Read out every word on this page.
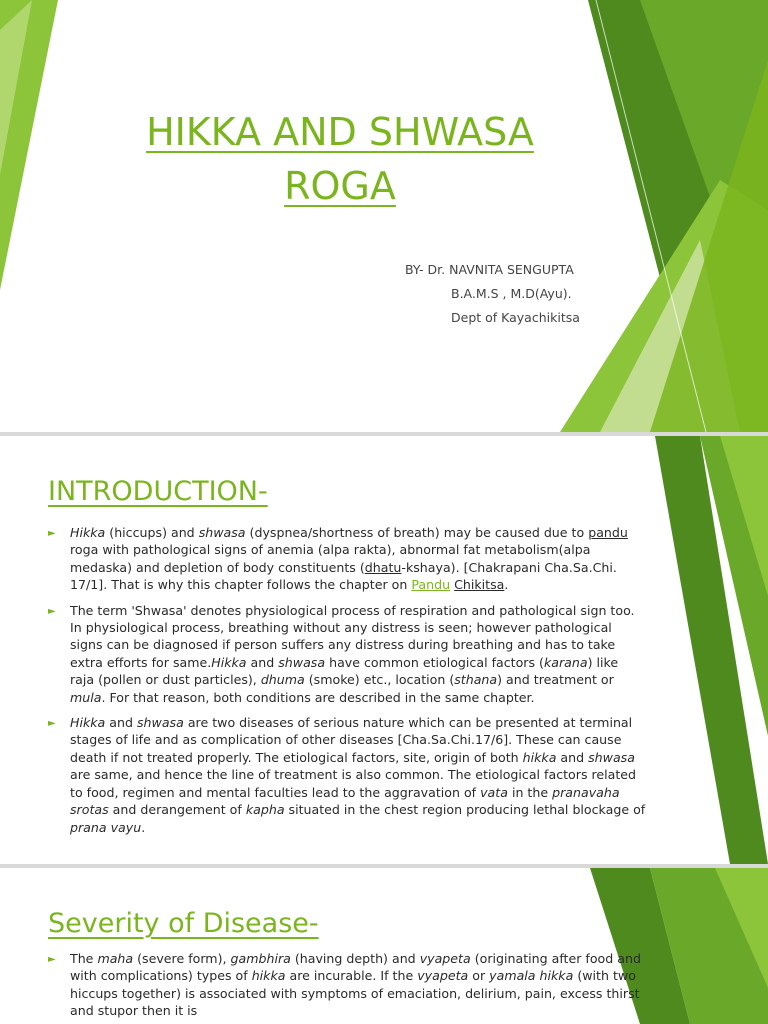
HIKKA AND SHWASA
ROGA
BY- Dr. NAVNITA SENGUPTA
B.A.M.S , M.D(Ayu).
Dept of Kayachikitsa
INTRODUCTION-
► Hikka (hiccups) and shwasa (dyspnea/shortness of breath) may be caused due to pandu roga with pathological signs of anemia (alpa rakta), abnormal fat metabolism(alpa medaska) and depletion of body constituents (dhatu-kshaya). [Chakrapani Cha.Sa.Chi. 17/1]. That is why this chapter follows the chapter on Pandu Chikitsa.
► The term 'Shwasa' denotes physiological process of respiration and pathological sign too. In physiological process, breathing without any distress is seen; however pathological signs can be diagnosed if person suffers any distress during breathing and has to take extra efforts for same.Hikka and shwasa have common etiological factors (karana) like raja (pollen or dust particles), dhuma (smoke) etc., location (sthana) and treatment or mula. For that reason, both conditions are described in the same chapter.
► Hikka and shwasa are two diseases of serious nature which can be presented at terminal stages of life and as complication of other diseases [Cha.Sa.Chi.17/6]. These can cause death if not treated properly. The etiological factors, site, origin of both hikka and shwasa are same, and hence the line of treatment is also common. The etiological factors related to food, regimen and mental faculties lead to the aggravation of vata in the pranavaha srotas and derangement of kapha situated in the chest region producing lethal blockage of prana vayu.
Severity of Disease-
► The maha (severe form), gambhira (having depth) and vyapeta (originating after food and with complications) types of hikka are incurable. If the vyapeta or yamala hikka (with two hiccups together) is associated with symptoms of emaciation, delirium, pain, excess thirst and stupor then it is
